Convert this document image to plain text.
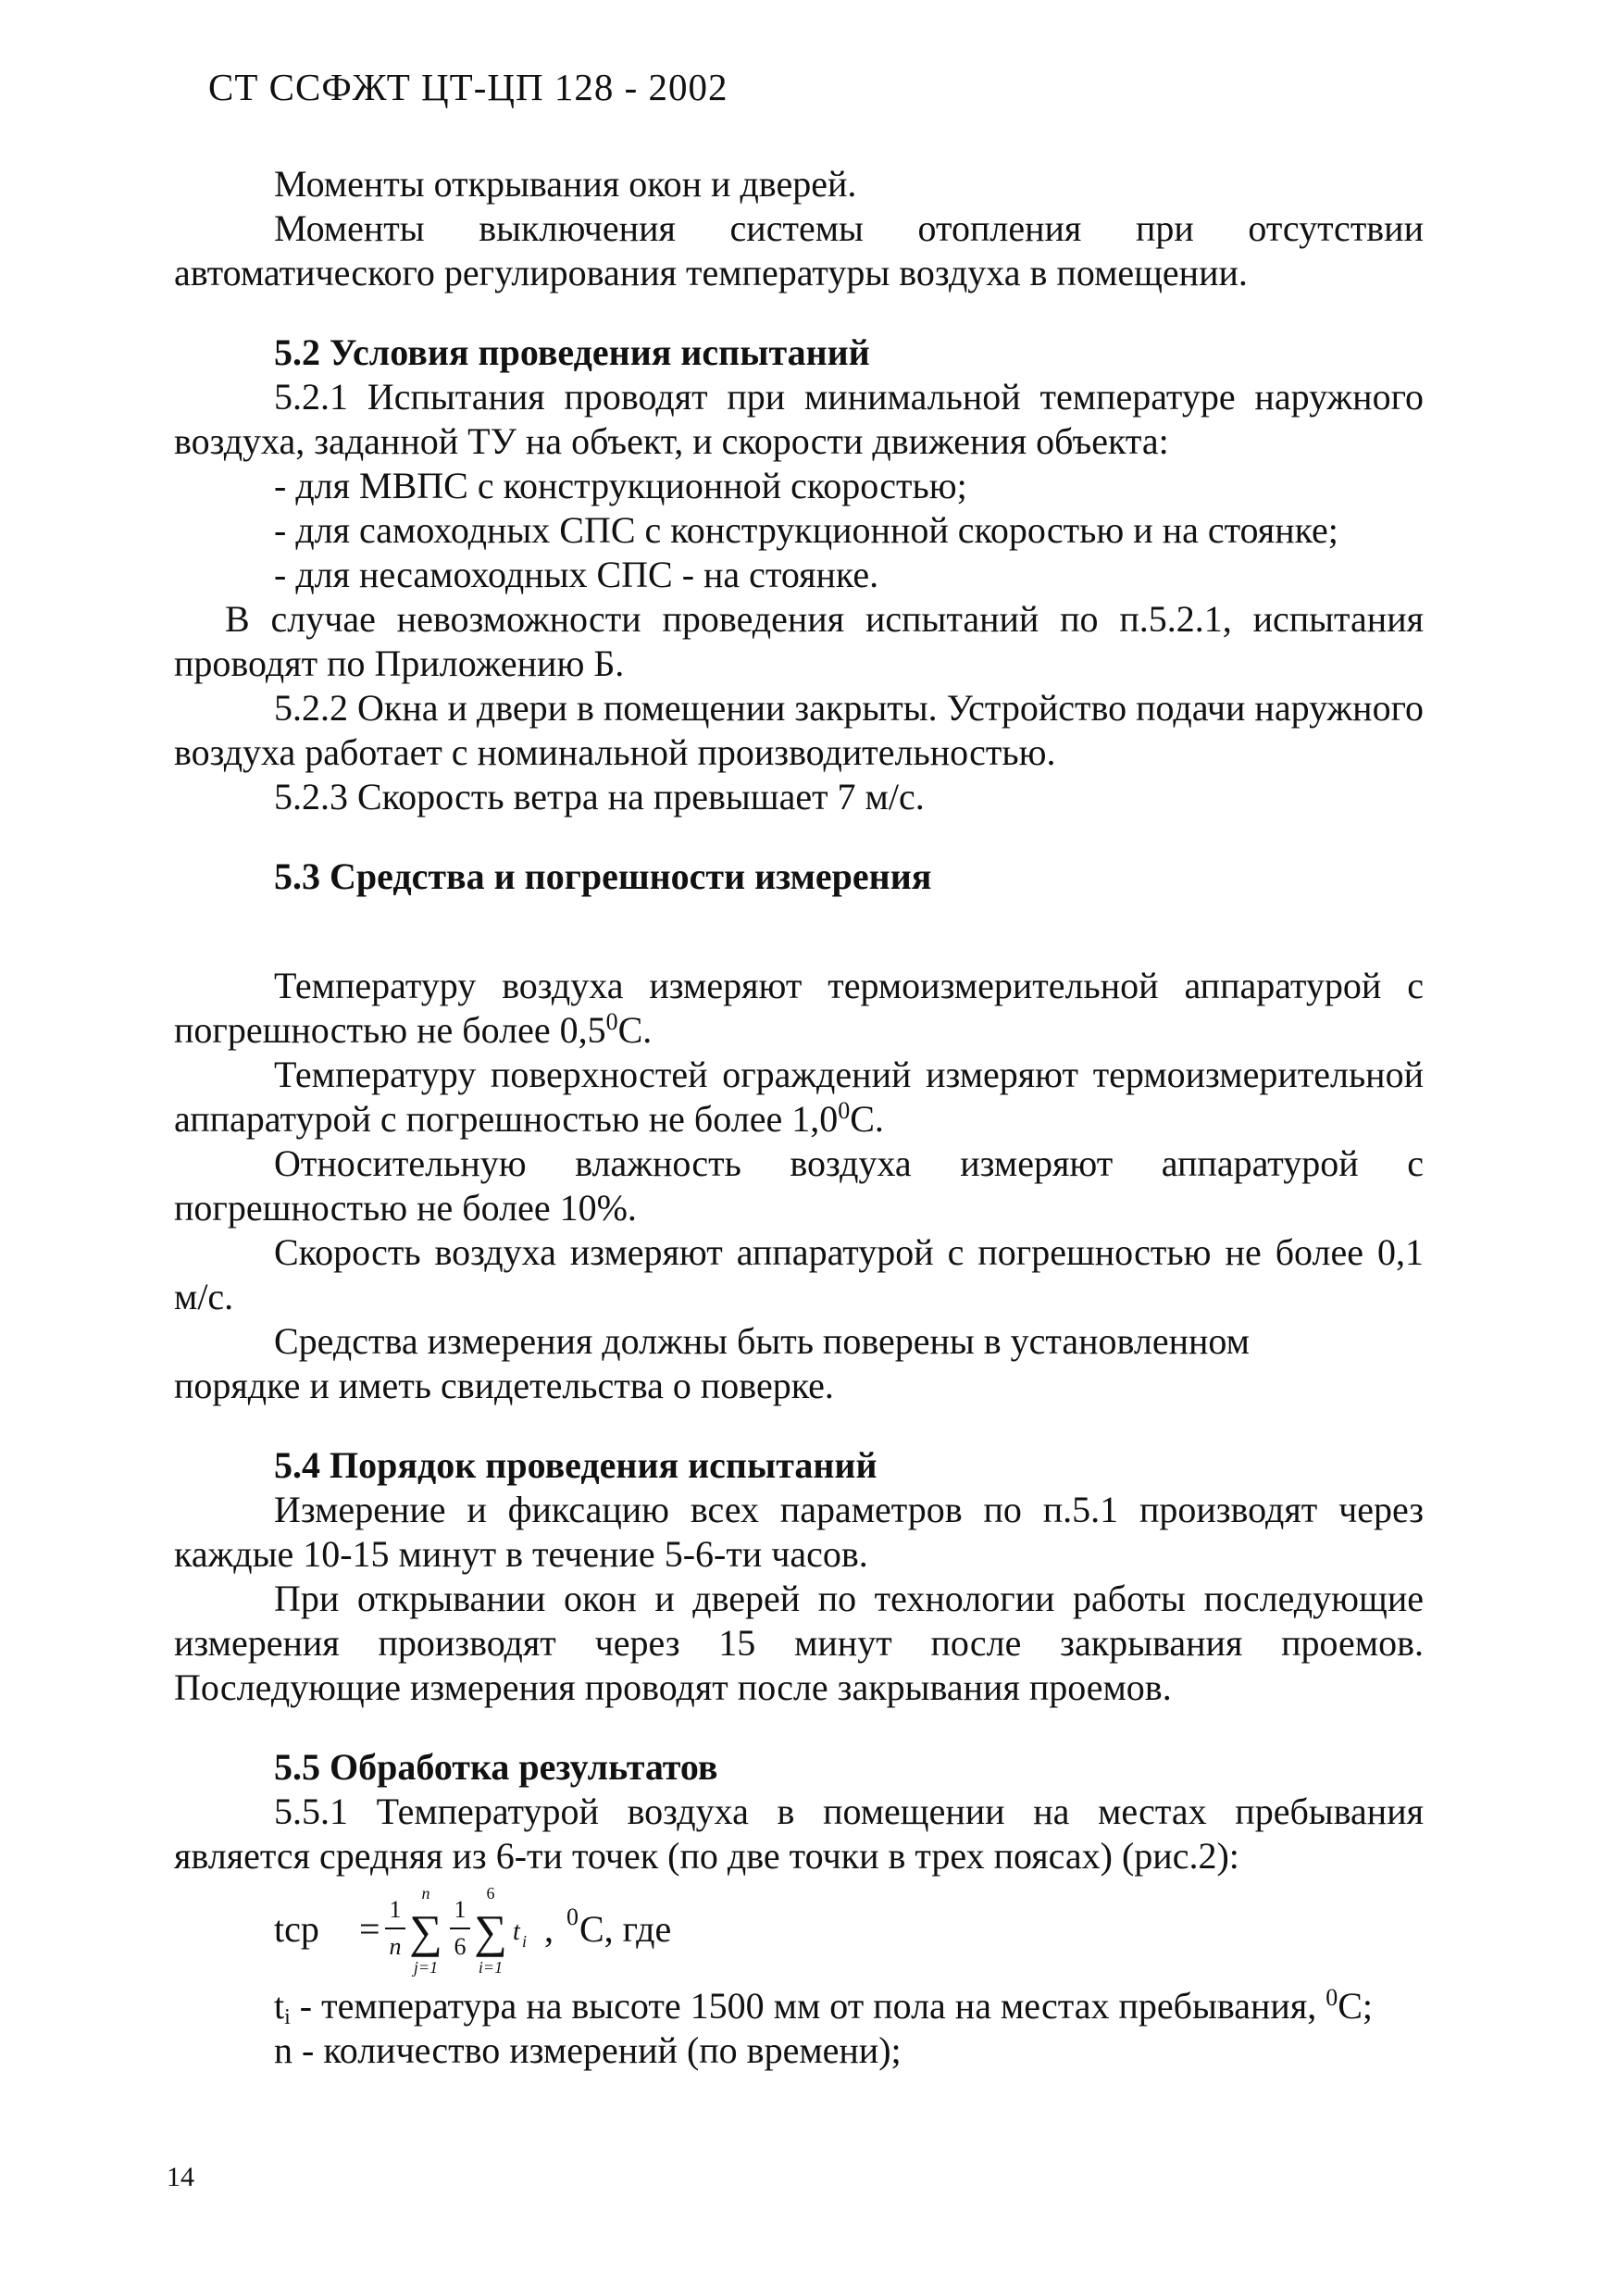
СТ ССФЖТ ЦТ-ЦП 128 - 2002

Моменты открывания окон и дверей.

Моменты выключения системы отопления при отсутствии автоматического регулирования температуры воздуха в помещении.

5.2 Условия проведения испытаний

5.2.1 Испытания проводят при минимальной температуре наружного воздуха, заданной ТУ на объект, и скорости движения объекта:

- для МВПС с конструкционной скоростью;

- для самоходных СПС с конструкционной скоростью и на стоянке;

- для несамоходных СПС - на стоянке.

В случае невозможности проведения испытаний по п.5.2.1, испытания проводят по Приложению Б.

5.2.2 Окна и двери в помещении закрыты. Устройство подачи наружного воздуха работает с номинальной производительностью.

5.2.3 Скорость ветра на превышает 7 м/с.

5.3 Средства и погрешности измерения

Температуру воздуха измеряют термоизмерительной аппаратурой с погрешностью не более $0,5^0С$.

Температуру поверхностей ограждений измеряют термоизмерительной аппаратурой с погрешностью не более $1,0^0С$.

Относительную влажность воздуха измеряют аппаратурой с погрешностью не более 10%.

Скорость воздуха измеряют аппаратурой с погрешностью не более 0,1 м/с.

Средства измерения должны быть поверены в установленном

порядке и иметь свидетельства о поверке.

5.4 Порядок проведения испытаний

Измерение и фиксацию всех параметров по п.5.1 производят через каждые 10-15 минут в течение 5-6-ти часов.

При открывании окон и дверей по технологии работы последующие измерения производят через 15 минут после закрывания проемов. Последующие измерения проводят после закрывания проемов.

5.5 Обработка результатов

5.5.1 Температурой воздуха в помещении на местах пребывания является средняя из 6-ти точек (по две точки в трех поясах) (рис.2):

tср = 1
n
n
∑
j=1
1
6
6
∑
i=1
t i , 0 С, где

$t_i$ - температура на высоте 1500 мм от пола на местах пребывания, $^0$С;

n - количество измерений (по времени);

14
